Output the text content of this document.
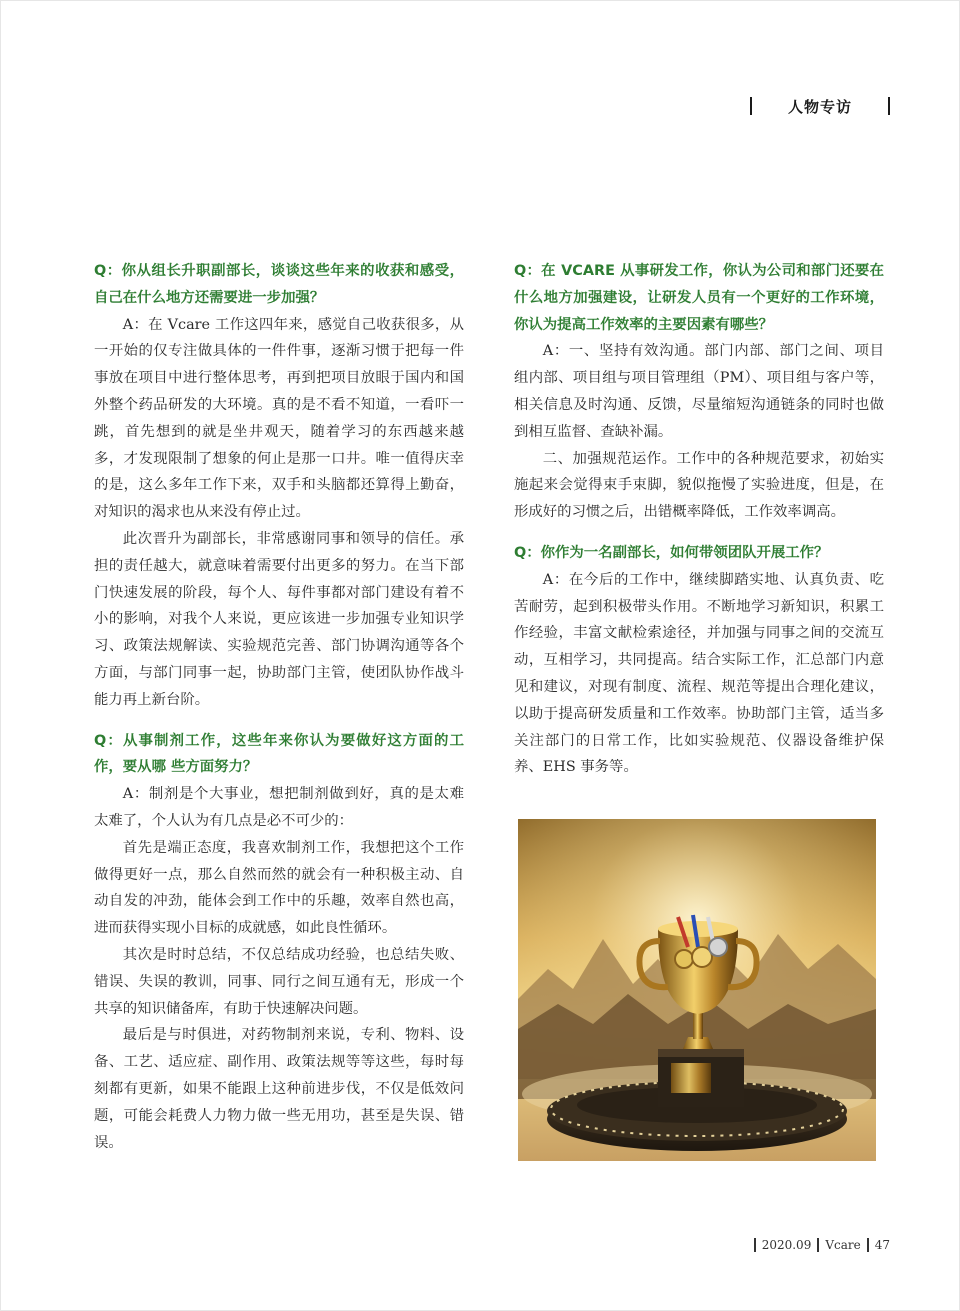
人物专访

Q：你从组长升职副部长，谈谈这些年来的收获和感受，自己在什么地方还需要进一步加强？

A：在 Vcare 工作这四年来，感觉自己收获很多，从一开始的仅专注做具体的一件件事，逐渐习惯于把每一件事放在项目中进行整体思考，再到把项目放眼于国内和国外整个药品研发的大环境。真的是不看不知道，一看吓一跳，首先想到的就是坐井观天，随着学习的东西越来越多，才发现限制了想象的何止是那一口井。唯一值得庆幸的是，这么多年工作下来，双手和头脑都还算得上勤奋，对知识的渴求也从来没有停止过。

此次晋升为副部长，非常感谢同事和领导的信任。承担的责任越大，就意味着需要付出更多的努力。在当下部门快速发展的阶段，每个人、每件事都对部门建设有着不小的影响，对我个人来说，更应该进一步加强专业知识学习、政策法规解读、实验规范完善、部门协调沟通等各个方面，与部门同事一起，协助部门主管，使团队协作战斗能力再上新台阶。

Q：从事制剂工作，这些年来你认为要做好这方面的工作，要从哪 些方面努力？

A：制剂是个大事业，想把制剂做到好，真的是太难太难了，个人认为有几点是必不可少的：

首先是端正态度，我喜欢制剂工作，我想把这个工作做得更好一点，那么自然而然的就会有一种积极主动、自动自发的冲劲，能体会到工作中的乐趣，效率自然也高，进而获得实现小目标的成就感，如此良性循环。

其次是时时总结，不仅总结成功经验，也总结失败、错误、失误的教训，同事、同行之间互通有无，形成一个共享的知识储备库，有助于快速解决问题。

最后是与时俱进，对药物制剂来说，专利、物料、设备、工艺、适应症、副作用、政策法规等等这些，每时每刻都有更新，如果不能跟上这种前进步伐，不仅是低效问题，可能会耗费人力物力做一些无用功，甚至是失误、错误。

Q：在 VCARE 从事研发工作，你认为公司和部门还要在什么地方加强建设，让研发人员有一个更好的工作环境，你认为提高工作效率的主要因素有哪些？

A：一、坚持有效沟通。部门内部、部门之间、项目组内部、项目组与项目管理组（PM）、项目组与客户等，相关信息及时沟通、反馈，尽量缩短沟通链条的同时也做到相互监督、查缺补漏。

二、加强规范运作。工作中的各种规范要求，初始实施起来会觉得束手束脚，貌似拖慢了实验进度，但是，在形成好的习惯之后，出错概率降低，工作效率调高。

Q：你作为一名副部长，如何带领团队开展工作？

A：在今后的工作中，继续脚踏实地、认真负责、吃苦耐劳，起到积极带头作用。不断地学习新知识，积累工作经验，丰富文献检索途径，并加强与同事之间的交流互动，互相学习，共同提高。结合实际工作，汇总部门内意见和建议，对现有制度、流程、规范等提出合理化建议，以助于提高研发质量和工作效率。协助部门主管，适当多关注部门的日常工作，比如实验规范、仪器设备维护保养、EHS 事务等。

2020.09 Vcare 47
